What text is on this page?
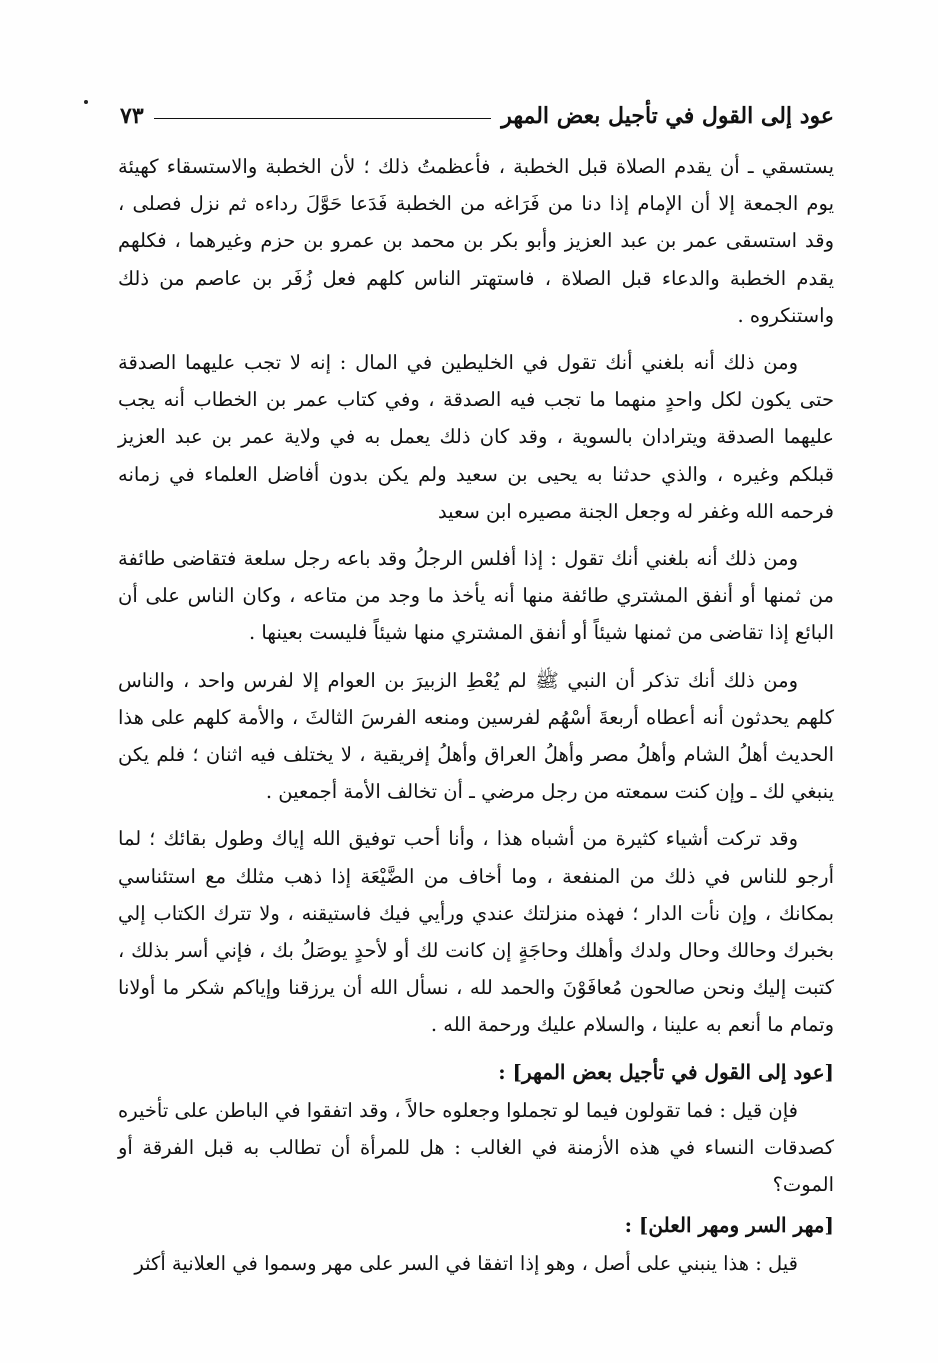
عود إلى القول في تأجيل بعض المهر
٧٣

يستسقي ـ أن يقدم الصلاة قبل الخطبة ، فأعظمتُ ذلك ؛ لأن الخطبة والاستسقاء كهيئة يوم الجمعة إلا أن الإمام إذا دنا من فَرَاغه من الخطبة فَدَعا حَوَّلَ رداءه ثم نزل فصلى ، وقد استسقى عمر بن عبد العزيز وأبو بكر بن محمد بن عمرو بن حزم وغيرهما ، فكلهم يقدم الخطبة والدعاء قبل الصلاة ، فاستهتر الناس كلهم فعل زُفَر بن عاصم من ذلك واستنكروه .

ومن ذلك أنه بلغني أنك تقول في الخليطين في المال : إنه لا تجب عليهما الصدقة حتى يكون لكل واحدٍ منهما ما تجب فيه الصدقة ، وفي كتاب عمر بن الخطاب أنه يجب عليهما الصدقة ويترادان بالسوية ، وقد كان ذلك يعمل به في ولاية عمر بن عبد العزيز قبلكم وغيره ، والذي حدثنا به يحيى بن سعيد ولم يكن بدون أفاضل العلماء في زمانه فرحمه الله وغفر له وجعل الجنة مصيره ابن سعيد

ومن ذلك أنه بلغني أنك تقول : إذا أفلس الرجلُ وقد باعه رجل سلعة فتقاضى طائفة من ثمنها أو أنفق المشتري طائفة منها أنه يأخذ ما وجد من متاعه ، وكان الناس على أن البائع إذا تقاضى من ثمنها شيئاً أو أنفق المشتري منها شيئاً فليست بعينها .

ومن ذلك أنك تذكر أن النبي ﷺ لم يُعْطِ الزبيرَ بن العوام إلا لفرس واحد ، والناس كلهم يحدثون أنه أعطاه أربعةَ أسْهُم لفرسين ومنعه الفرسَ الثالثَ ، والأمة كلهم على هذا الحديث أهلُ الشام وأهلُ مصر وأهلُ العراق وأهلُ إفريقية ، لا يختلف فيه اثنان ؛ فلم يكن ينبغي لك ـ وإن كنت سمعته من رجل مرضي ـ أن تخالف الأمة أجمعين .

وقد تركت أشياء كثيرة من أشباه هذا ، وأنا أحب توفيق الله إياك وطول بقائك ؛ لما أرجو للناس في ذلك من المنفعة ، وما أخاف من الضَّيْعَة إذا ذهب مثلك مع استئناسي بمكانك ، وإن نأت الدار ؛ فهذه منزلتك عندي ورأيي فيك فاستيقنه ، ولا تترك الكتاب إلي بخبرك وحالك وحال ولدك وأهلك وحاجَةٍ إن كانت لك أو لأحدٍ يوصَلُ بك ، فإني أسر بذلك ، كتبت إليك ونحن صالحون مُعافَوْنَ والحمد لله ، نسأل الله أن يرزقنا وإياكم شكر ما أولانا وتمام ما أنعم به علينا ، والسلام عليك ورحمة الله .

[عود إلى القول في تأجيل بعض المهر] :

فإن قيل : فما تقولون فيما لو تجملوا وجعلوه حالاً ، وقد اتفقوا في الباطن على تأخيره كصدقات النساء في هذه الأزمنة في الغالب : هل للمرأة أن تطالب به قبل الفرقة أو الموت؟

[مهر السر ومهر العلن] :

قيل : هذا ينبني على أصل ، وهو إذا اتفقا في السر على مهر وسموا في العلانية أكثر
